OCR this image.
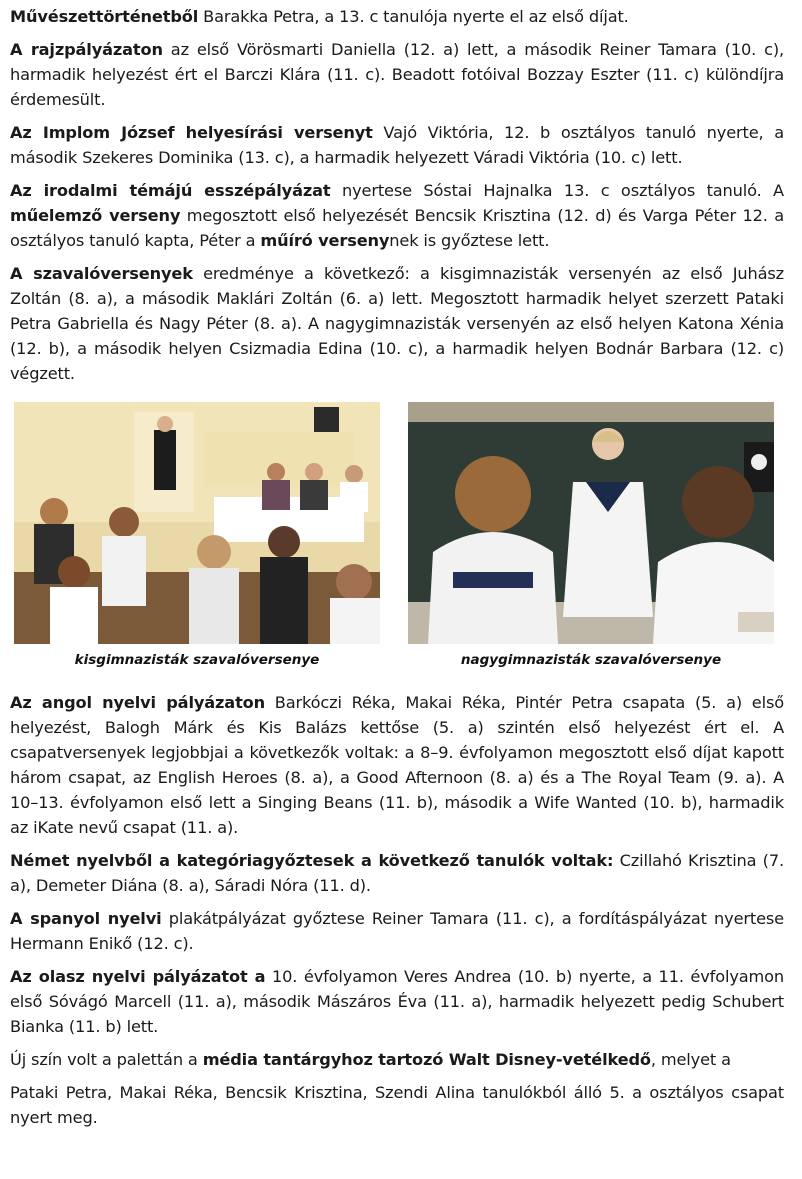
Művészettörténetből Barakka Petra, a 13. c tanulója nyerte el az első díjat.

A rajzpályázaton az első Vörösmarti Daniella (12. a) lett, a második Reiner Tamara (10. c), harmadik helyezést ért el Barczi Klára (11. c). Beadott fotóival Bozzay Eszter (11. c) különdíjra érdemesült.

Az Implom József helyesírási versenyt Vajó Viktória, 12. b osztályos tanuló nyerte, a második Szekeres Dominika (13. c), a harmadik helyezett Váradi Viktória (10. c) lett.

Az irodalmi témájú esszépályázat nyertese Sóstai Hajnalka 13. c osztályos tanuló. A műelemző verseny megosztott első helyezését Bencsik Krisztina (12. d) és Varga Péter 12. a osztályos tanuló kapta, Péter a műíró versenynek is győztese lett.

A szavalóversenyek eredménye a következő: a kisgimnazisták versenyén az első Juhász Zoltán (8. a), a második Maklári Zoltán (6. a) lett. Megosztott harmadik helyet szerzett Pataki Petra Gabriella és Nagy Péter (8. a). A nagygimnazisták versenyén az első helyen Katona Xénia (12. b), a második helyen Csizmadia Edina (10. c), a harmadik helyen Bodnár Barbara (12. c) végzett.

kisgimnazisták szavalóversenye	nagygimnazisták szavalóversenye

Az angol nyelvi pályázaton Barkóczi Réka, Makai Réka, Pintér Petra csapata (5. a) első helyezést, Balogh Márk és Kis Balázs kettőse (5. a) szintén első helyezést ért el. A csapatversenyek legjobbjai a következők voltak: a 8–9. évfolyamon megosztott első díjat kapott három csapat, az English Heroes (8. a), a Good Afternoon (8. a) és a The Royal Team (9. a). A 10–13. évfolyamon első lett a Singing Beans (11. b), második a Wife Wanted (10. b), harmadik az iKate nevű csapat (11. a).

Német nyelvből a kategóriagyőztesek a következő tanulók voltak: Czillahó Krisztina (7. a), Demeter Diána (8. a), Sáradi Nóra (11. d).

A spanyol nyelvi plakátpályázat győztese Reiner Tamara (11. c), a fordításpályázat nyertese Hermann Enikő (12. c).

Az olasz nyelvi pályázatot a 10. évfolyamon Veres Andrea (10. b) nyerte, a 11. évfolyamon első Sóvágó Marcell (11. a), második Mászáros Éva (11. a), harmadik helyezett pedig Schubert Bianka (11. b) lett.

Új szín volt a palettán a média tantárgyhoz tartozó Walt Disney-vetélkedő, melyet a

Pataki Petra, Makai Réka, Bencsik Krisztina, Szendi Alina tanulókból álló 5. a osztályos csapat nyert meg.
